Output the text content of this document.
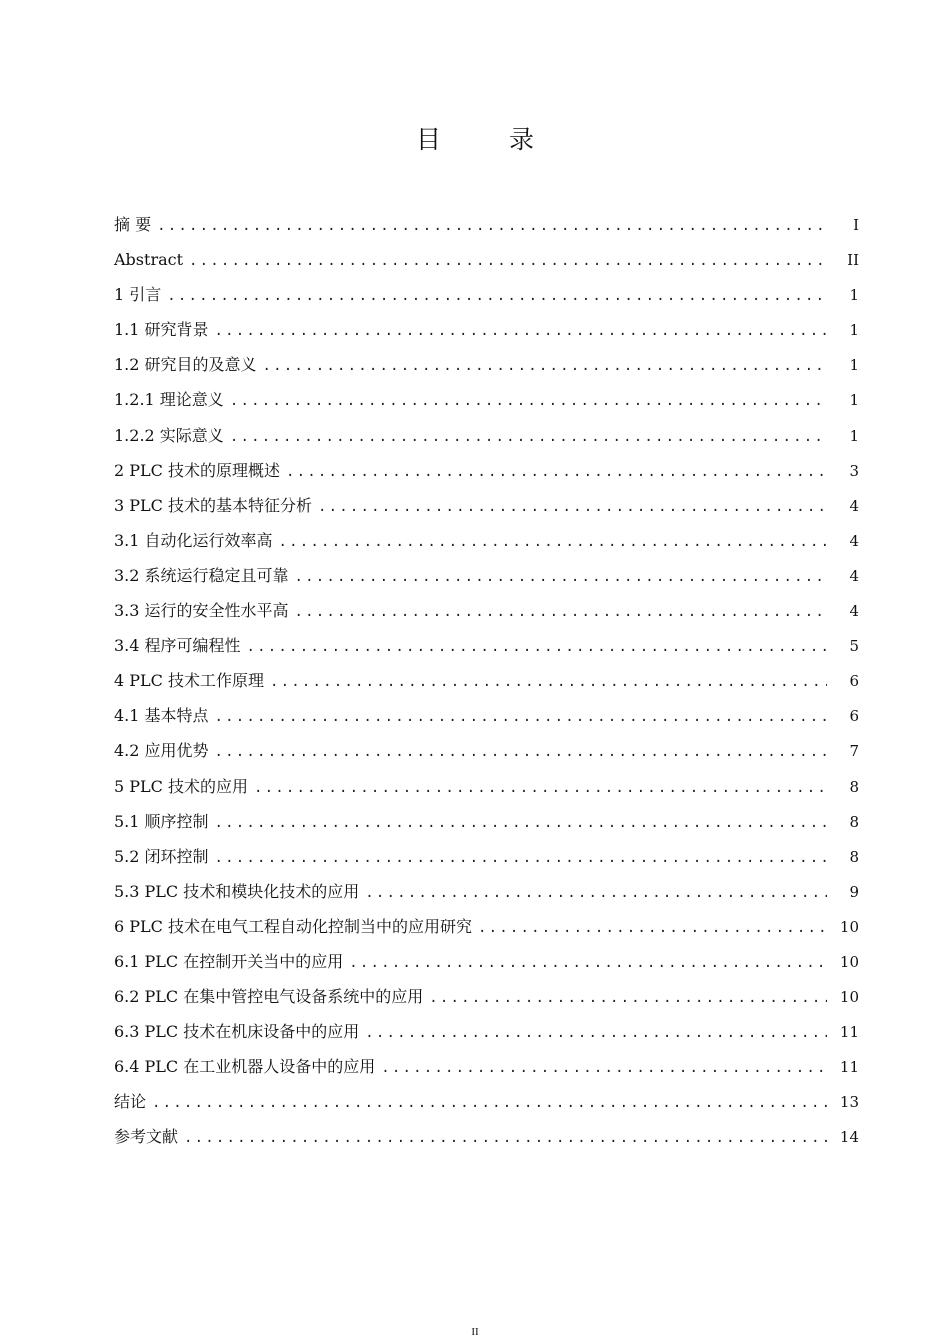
目 录
摘 要 .....	I
Abstract .....	II
1 引言 .....	1
1.1 研究背景 .....	1
1.2 研究目的及意义 .....	1
1.2.1 理论意义 .....	1
1.2.2 实际意义 .....	1
2 PLC 技术的原理概述 .....	3
3 PLC 技术的基本特征分析 .....	4
3.1 自动化运行效率高 .....	4
3.2 系统运行稳定且可靠 .....	4
3.3 运行的安全性水平高 .....	4
3.4 程序可编程性 .....	5
4 PLC 技术工作原理 .....	6
4.1 基本特点 .....	6
4.2 应用优势 .....	7
5 PLC 技术的应用 .....	8
5.1 顺序控制 .....	8
5.2 闭环控制 .....	8
5.3 PLC 技术和模块化技术的应用 .....	9
6 PLC 技术在电气工程自动化控制当中的应用研究 .....	10
6.1 PLC 在控制开关当中的应用 .....	10
6.2 PLC 在集中管控电气设备系统中的应用 .....	10
6.3 PLC 技术在机床设备中的应用 .....	11
6.4 PLC 在工业机器人设备中的应用 .....	11
结论 .....	13
参考文献 .....	14
II
